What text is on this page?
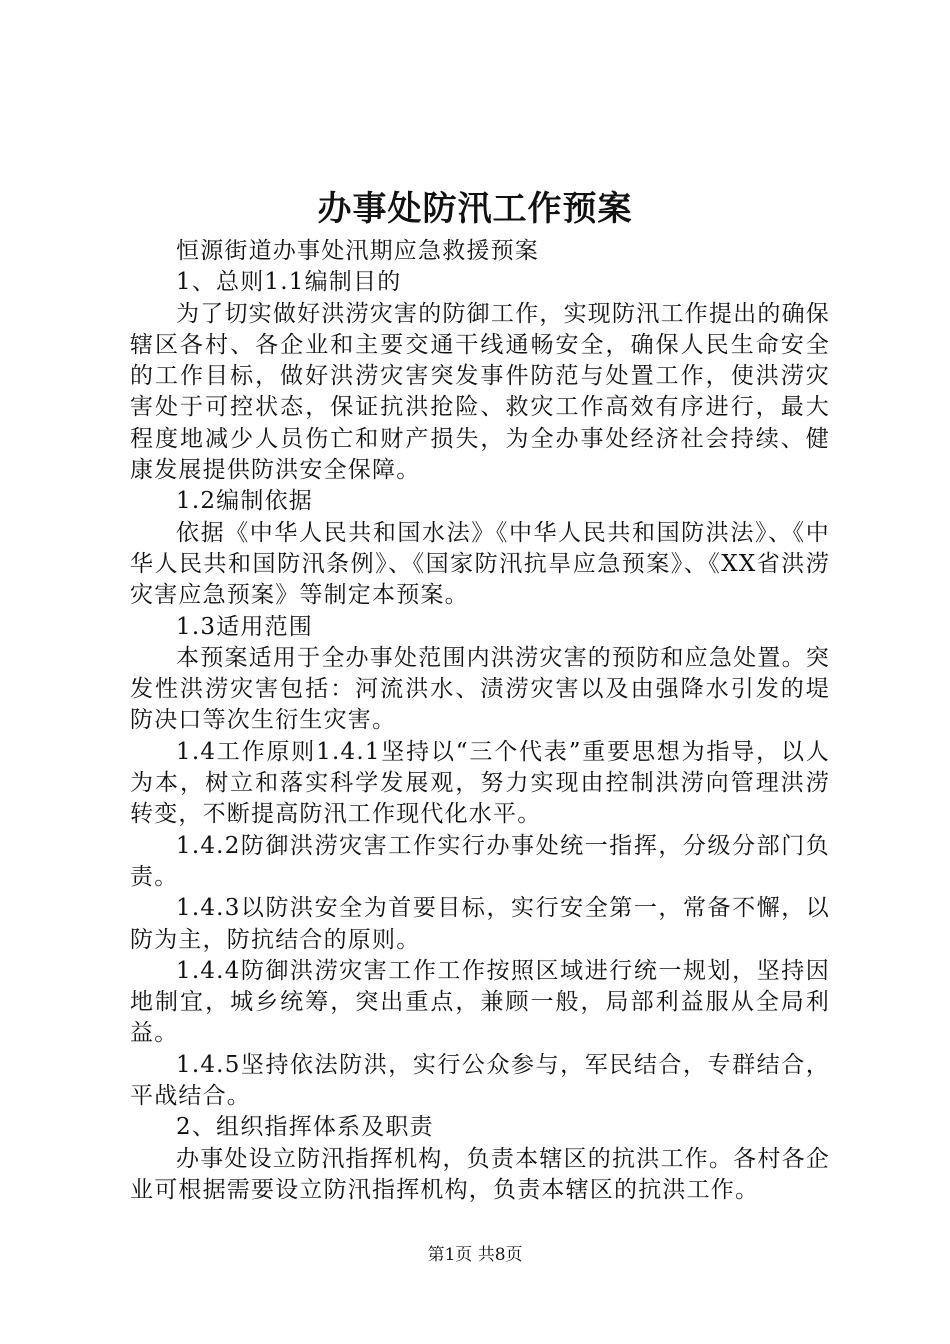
办事处防汛工作预案

恒源街道办事处汛期应急救援预案

1、总则1.1编制目的

为了切实做好洪涝灾害的防御工作，实现防汛工作提出的确保辖区各村、各企业和主要交通干线通畅安全，确保人民生命安全的工作目标，做好洪涝灾害突发事件防范与处置工作，使洪涝灾害处于可控状态，保证抗洪抢险、救灾工作高效有序进行，最大程度地减少人员伤亡和财产损失，为全办事处经济社会持续、健康发展提供防洪安全保障。

1.2编制依据

依据《中华人民共和国水法》《中华人民共和国防洪法》、《中华人民共和国防汛条例》、《国家防汛抗旱应急预案》、《XX省洪涝灾害应急预案》等制定本预案。

1.3适用范围

本预案适用于全办事处范围内洪涝灾害的预防和应急处置。突发性洪涝灾害包括：河流洪水、渍涝灾害以及由强降水引发的堤防决口等次生衍生灾害。

1.4工作原则1.4.1坚持以“三个代表”重要思想为指导，以人为本，树立和落实科学发展观，努力实现由控制洪涝向管理洪涝转变，不断提高防汛工作现代化水平。

1.4.2防御洪涝灾害工作实行办事处统一指挥，分级分部门负责。

1.4.3以防洪安全为首要目标，实行安全第一，常备不懈，以防为主，防抗结合的原则。

1.4.4防御洪涝灾害工作工作按照区域进行统一规划，坚持因地制宜，城乡统筹，突出重点，兼顾一般，局部利益服从全局利益。

1.4.5坚持依法防洪，实行公众参与，军民结合，专群结合，平战结合。

2、组织指挥体系及职责

办事处设立防汛指挥机构，负责本辖区的抗洪工作。各村各企业可根据需要设立防汛指挥机构，负责本辖区的抗洪工作。

第1页 共8页
